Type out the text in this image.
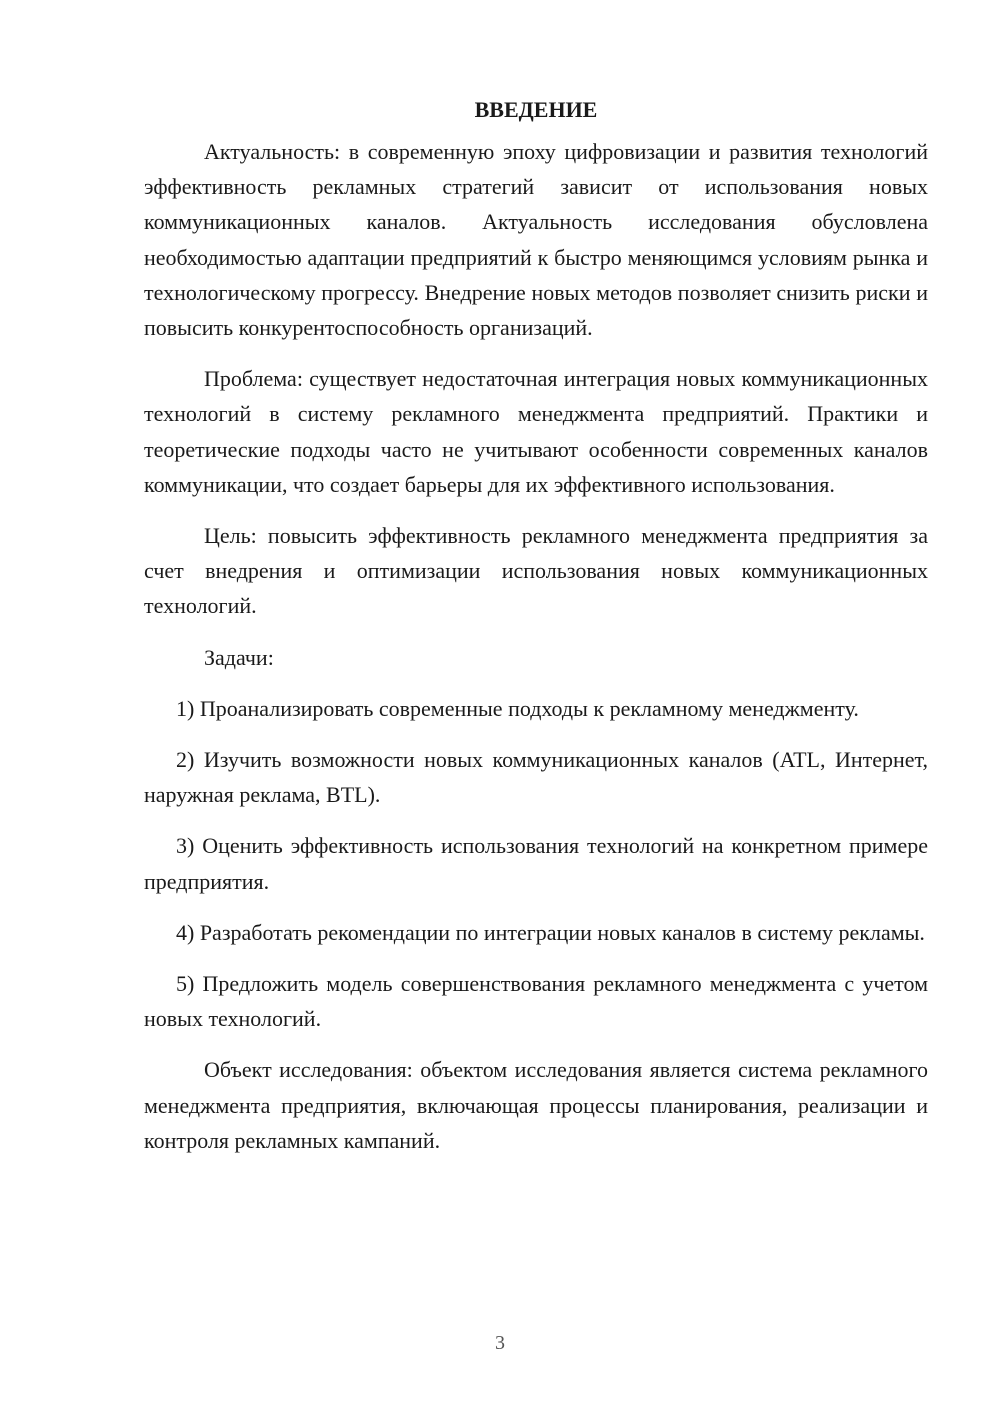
ВВЕДЕНИЕ

Актуальность: в современную эпоху цифровизации и развития технологий эффективность рекламных стратегий зависит от использования новых коммуникационных каналов. Актуальность исследования обусловлена необходимостью адаптации предприятий к быстро меняющимся условиям рынка и технологическому прогрессу. Внедрение новых методов позволяет снизить риски и повысить конкурентоспособность организаций.

Проблема: существует недостаточная интеграция новых коммуникационных технологий в систему рекламного менеджмента предприятий. Практики и теоретические подходы часто не учитывают особенности современных каналов коммуникации, что создает барьеры для их эффективного использования.

Цель: повысить эффективность рекламного менеджмента предприятия за счет внедрения и оптимизации использования новых коммуникационных технологий.

Задачи:

1) Проанализировать современные подходы к рекламному менеджменту.

2) Изучить возможности новых коммуникационных каналов (ATL, Интернет, наружная реклама, BTL).

3) Оценить эффективность использования технологий на конкретном примере предприятия.

4) Разработать рекомендации по интеграции новых каналов в систему рекламы.

5) Предложить модель совершенствования рекламного менеджмента с учетом новых технологий.

Объект исследования: объектом исследования является система рекламного менеджмента предприятия, включающая процессы планирования, реализации и контроля рекламных кампаний.

3
